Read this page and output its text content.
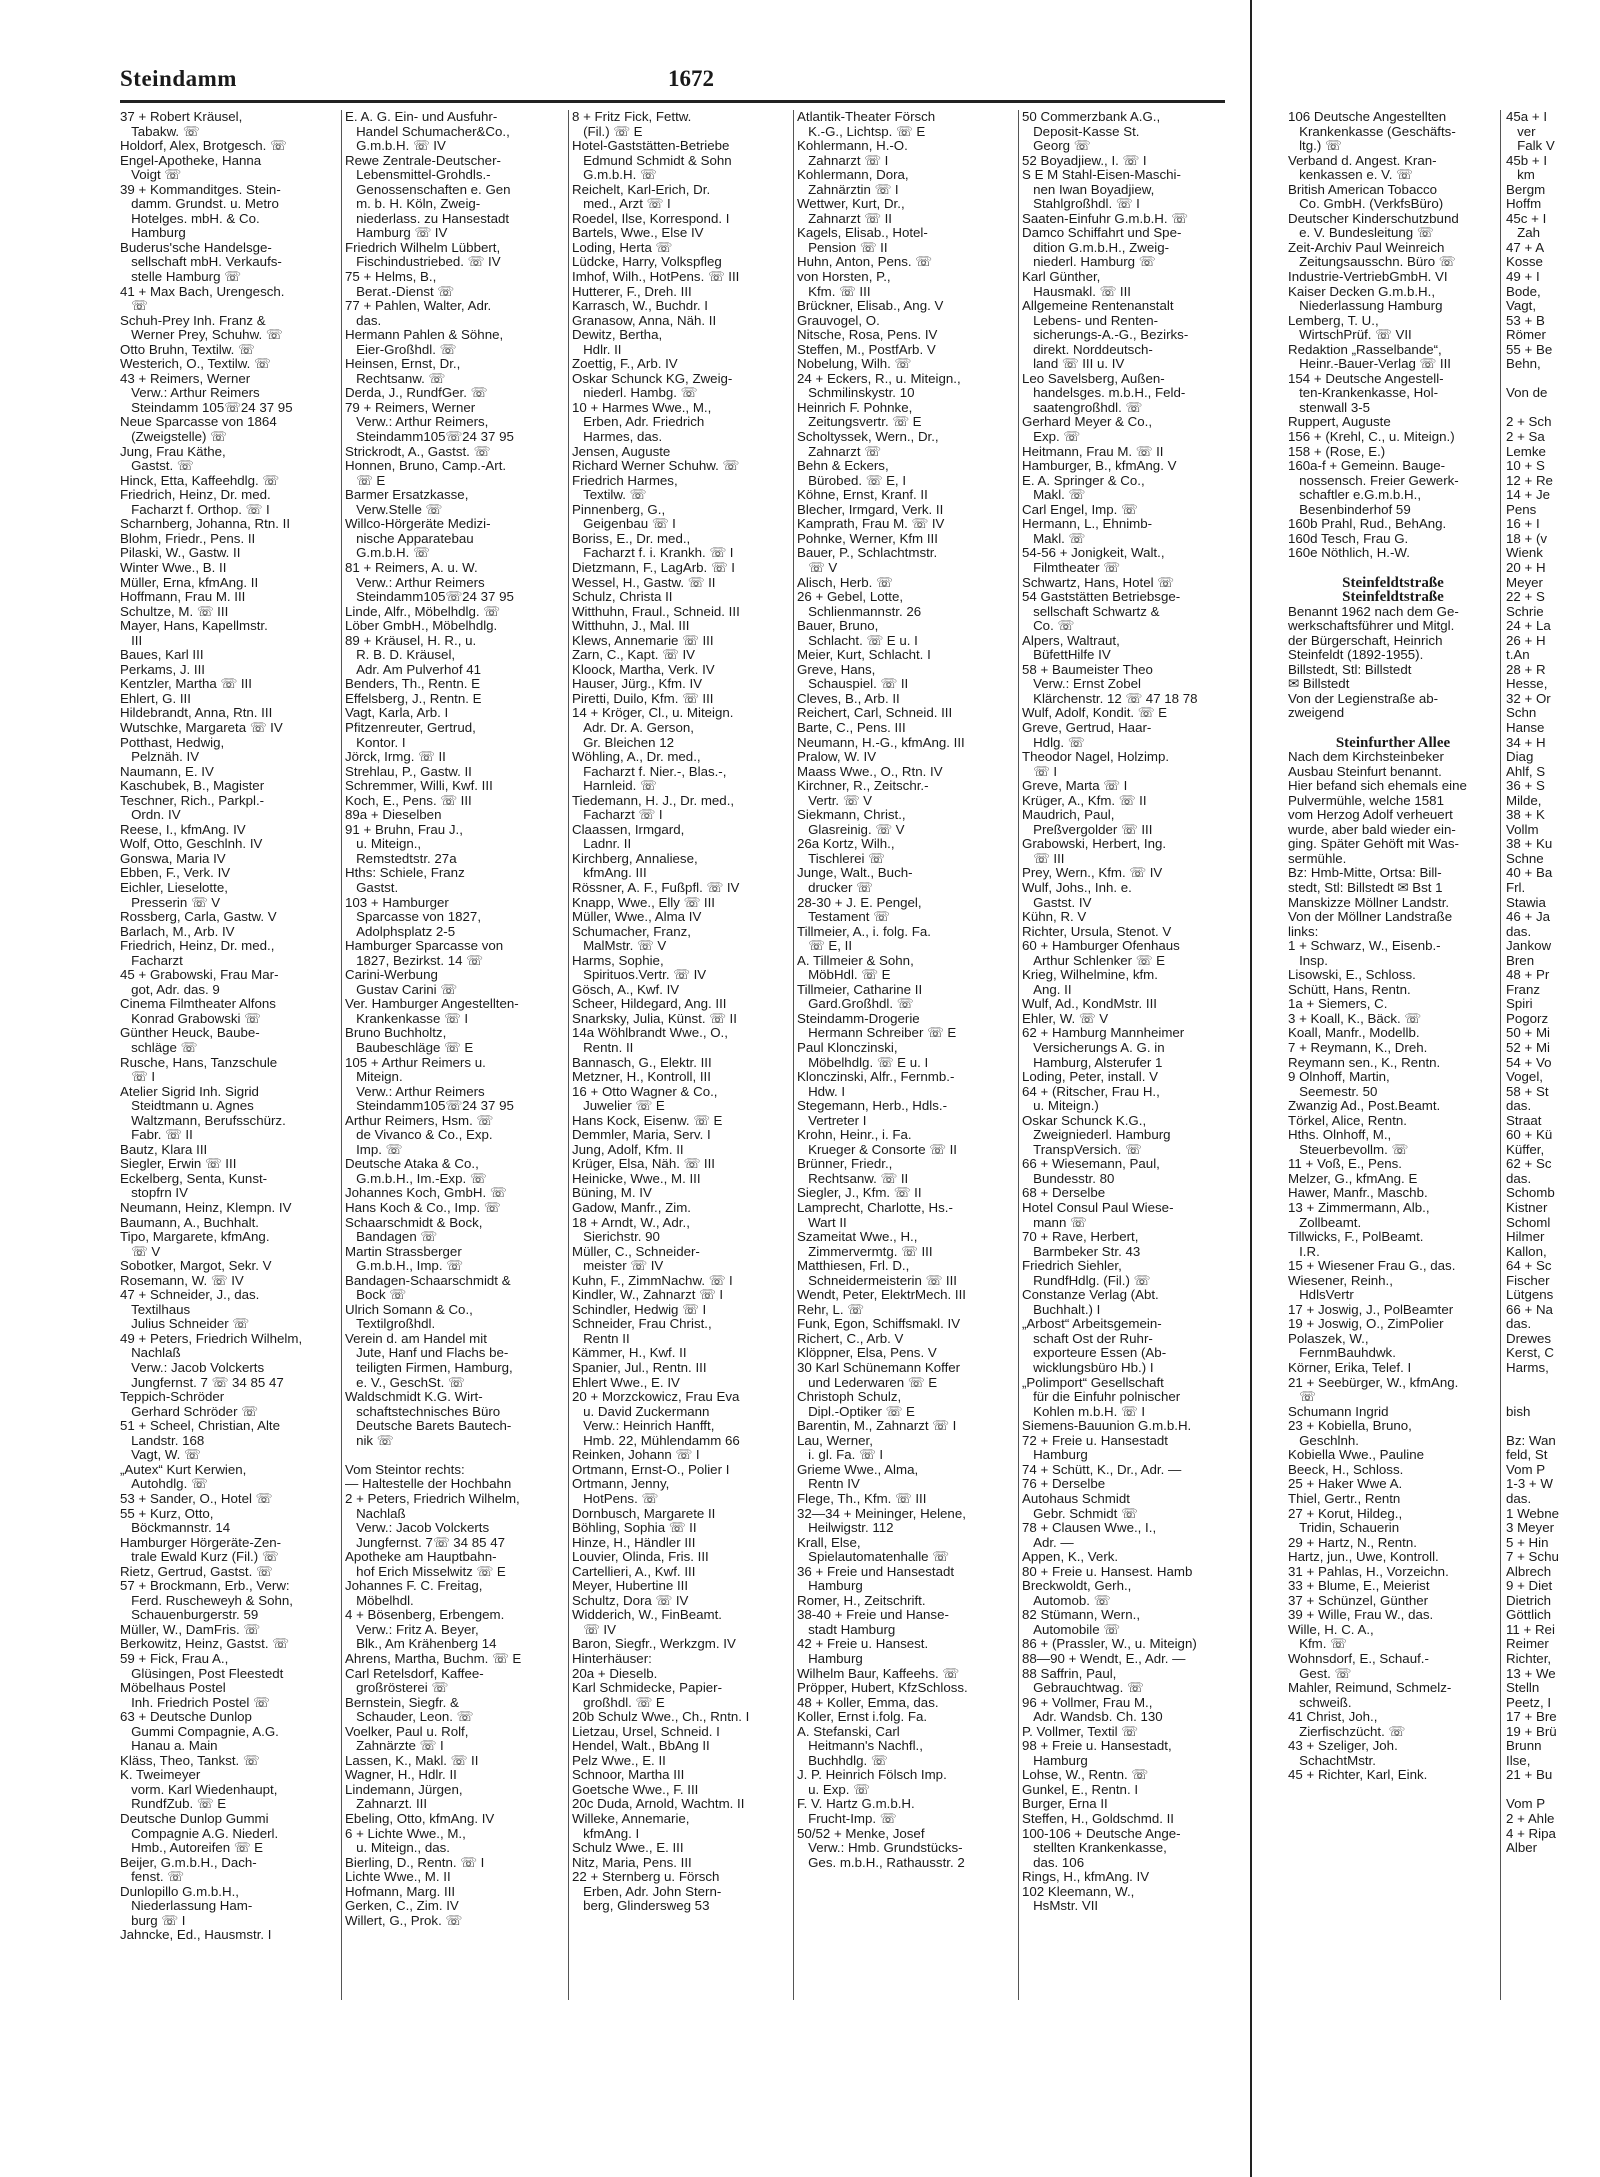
Steindamm	1672
37 + Robert Kräusel,
Tabakw. ☏
Holdorf, Alex, Brotgesch. ☏
Engel-Apotheke, Hanna
Voigt ☏
39 + Kommanditges. Stein-
damm. Grundst. u. Metro
Hotelges. mbH. & Co.
Hamburg
Buderus'sche Handelsge-
sellschaft mbH. Verkaufs-
stelle Hamburg ☏
41 + Max Bach, Urengesch.
☏
Schuh-Prey Inh. Franz &
Werner Prey, Schuhw. ☏
Otto Bruhn, Textilw. ☏
Westerich, O., Textilw. ☏
43 + Reimers, Werner
Verw.: Arthur Reimers
Steindamm 105☏24 37 95
Neue Sparcasse von 1864
(Zweigstelle) ☏
Jung, Frau Käthe,
Gastst. ☏
Hinck, Etta, Kaffeehdlg. ☏
Friedrich, Heinz, Dr. med.
Facharzt f. Orthop. ☏ I
Scharnberg, Johanna, Rtn. II
Blohm, Friedr., Pens. II
Pilaski, W., Gastw. II
Winter Wwe., B. II
Müller, Erna, kfmAng. II
Hoffmann, Frau M. III
Schultze, M. ☏ III
Mayer, Hans, Kapellmstr.
III
Baues, Karl III
Perkams, J. III
Kentzler, Martha ☏ III
Ehlert, G. III
Hildebrandt, Anna, Rtn. III
Wutschke, Margareta ☏ IV
Potthast, Hedwig,
Pelznäh. IV
Naumann, E. IV
Kaschubek, B., Magister
Teschner, Rich., Parkpl.-
Ordn. IV
Reese, I., kfmAng. IV
Wolf, Otto, Geschlnh. IV
Gonswa, Maria IV
Ebben, F., Verk. IV
Eichler, Lieselotte,
Presserin ☏ V
Rossberg, Carla, Gastw. V
Barlach, M., Arb. IV
Friedrich, Heinz, Dr. med.,
Facharzt
45 + Grabowski, Frau Mar-
got, Adr. das. 9
Cinema Filmtheater Alfons
Konrad Grabowski ☏
Günther Heuck, Baube-
schläge ☏
Rusche, Hans, Tanzschule
☏ I
Atelier Sigrid Inh. Sigrid
Steidtmann u. Agnes
Waltzmann, Berufsschürz.
Fabr. ☏ II
Bautz, Klara III
Siegler, Erwin ☏ III
Eckelberg, Senta, Kunst-
stopfrn IV
Neumann, Heinz, Klempn. IV
Baumann, A., Buchhalt.
Tipo, Margarete, kfmAng.
☏ V
Sobotker, Margot, Sekr. V
Rosemann, W. ☏ IV
47 + Schneider, J., das.
Textilhaus
Julius Schneider ☏
49 + Peters, Friedrich Wilhelm,
Nachlaß
Verw.: Jacob Volckerts
Jungfernst. 7 ☏ 34 85 47
Teppich-Schröder
Gerhard Schröder ☏
51 + Scheel, Christian, Alte
Landstr. 168
Vagt, W. ☏
„Autex“ Kurt Kerwien,
Autohdlg. ☏
53 + Sander, O., Hotel ☏
55 + Kurz, Otto,
Böckmannstr. 14
Hamburger Hörgeräte-Zen-
trale Ewald Kurz (Fil.) ☏
Rietz, Gertrud, Gastst. ☏
57 + Brockmann, Erb., Verw:
Ferd. Ruscheweyh & Sohn,
Schauenburgerstr. 59
Müller, W., DamFris. ☏
Berkowitz, Heinz, Gastst. ☏
59 + Fick, Frau A.,
Glüsingen, Post Fleestedt
Möbelhaus Postel
Inh. Friedrich Postel ☏
63 + Deutsche Dunlop
Gummi Compagnie, A.G.
Hanau a. Main
Kläss, Theo, Tankst. ☏
K. Tweimeyer
vorm. Karl Wiedenhaupt,
RundfZub. ☏ E
Deutsche Dunlop Gummi
Compagnie A.G. Niederl.
Hmb., Autoreifen ☏ E
Beijer, G.m.b.H., Dach-
fenst. ☏
Dunlopillo G.m.b.H.,
Niederlassung Ham-
burg ☏ I
Jahncke, Ed., Hausmstr. I
E. A. G. Ein- und Ausfuhr-
Handel Schumacher&Co.,
G.m.b.H. ☏ IV
Rewe Zentrale-Deutscher-
Lebensmittel-Grohdls.-
Genossenschaften e. Gen
m. b. H. Köln, Zweig-
niederlass. zu Hansestadt
Hamburg ☏ IV
Friedrich Wilhelm Lübbert,
Fischindustriebed. ☏ IV
75 + Helms, B.,
Berat.-Dienst ☏
77 + Pahlen, Walter, Adr.
das.
Hermann Pahlen & Söhne,
Eier-Großhdl. ☏
Heinsen, Ernst, Dr.,
Rechtsanw. ☏
Derda, J., RundfGer. ☏
79 + Reimers, Werner
Verw.: Arthur Reimers,
Steindamm105☏24 37 95
Strickrodt, A., Gastst. ☏
Honnen, Bruno, Camp.-Art.
☏ E
Barmer Ersatzkasse,
Verw.Stelle ☏
Willco-Hörgeräte Medizi-
nische Apparatebau
G.m.b.H. ☏
81 + Reimers, A. u. W.
Verw.: Arthur Reimers
Steindamm105☏24 37 95
Linde, Alfr., Möbelhdlg. ☏
Löber GmbH., Möbelhdlg.
89 + Kräusel, H. R., u.
R. B. D. Kräusel,
Adr. Am Pulverhof 41
Benders, Th., Rentn. E
Effelsberg, J., Rentn. E
Vagt, Karla, Arb. I
Pfitzenreuter, Gertrud,
Kontor. I
Jörck, Irmg. ☏ II
Strehlau, P., Gastw. II
Schremmer, Willi, Kwf. III
Koch, E., Pens. ☏ III
89a + Dieselben
91 + Bruhn, Frau J.,
u. Miteign.,
Remstedtstr. 27a
Hths: Schiele, Franz
Gastst.
103 + Hamburger
Sparcasse von 1827,
Adolphsplatz 2-5
Hamburger Sparcasse von
1827, Bezirkst. 14 ☏
Carini-Werbung
Gustav Carini ☏
Ver. Hamburger Angestellten-
Krankenkasse ☏ I
Bruno Buchholtz,
Baubeschläge ☏ E
105 + Arthur Reimers u.
Miteign.
Verw.: Arthur Reimers
Steindamm105☏24 37 95
Arthur Reimers, Hsm. ☏
de Vivanco & Co., Exp.
Imp. ☏
Deutsche Ataka & Co.,
G.m.b.H., Im.-Exp. ☏
Johannes Koch, GmbH. ☏
Hans Koch & Co., Imp. ☏
Schaarschmidt & Bock,
Bandagen ☏
Martin Strassberger
G.m.b.H., Imp. ☏
Bandagen-Schaarschmidt &
Bock ☏
Ulrich Somann & Co.,
Textilgroßhdl.
Verein d. am Handel mit
Jute, Hanf und Flachs be-
teiligten Firmen, Hamburg,
e. V., GeschSt. ☏
Waldschmidt K.G. Wirt-
schaftstechnisches Büro
Deutsche Barets Bautech-
nik ☏
Vom Steintor rechts:
— Haltestelle der Hochbahn
2 + Peters, Friedrich Wilhelm,
Nachlaß
Verw.: Jacob Volckerts
Jungfernst. 7☏ 34 85 47
Apotheke am Hauptbahn-
hof Erich Misselwitz ☏ E
Johannes F. C. Freitag,
Möbelhdl.
4 + Bösenberg, Erbengem.
Verw.: Fritz A. Beyer,
Blk., Am Krähenberg 14
Ahrens, Martha, Buchm. ☏ E
Carl Retelsdorf, Kaffee-
großrösterei ☏
Bernstein, Siegfr. &
Schauder, Leon. ☏
Voelker, Paul u. Rolf,
Zahnärzte ☏ I
Lassen, K., Makl. ☏ II
Wagner, H., Hdlr. II
Lindemann, Jürgen,
Zahnarzt. III
Ebeling, Otto, kfmAng. IV
6 + Lichte Wwe., M.,
u. Miteign., das.
Bierling, D., Rentn. ☏ I
Lichte Wwe., M. II
Hofmann, Marg. III
Gerken, C., Zim. IV
Willert, G., Prok. ☏
8 + Fritz Fick, Fettw.
(Fil.) ☏ E
Hotel-Gaststätten-Betriebe
Edmund Schmidt & Sohn
G.m.b.H. ☏
Reichelt, Karl-Erich, Dr.
med., Arzt ☏ I
Roedel, Ilse, Korrespond. I
Bartels, Wwe., Else IV
Loding, Herta ☏
Lüdcke, Harry, Volkspfleg
Imhof, Wilh., HotPens. ☏ III
Hutterer, F., Dreh. III
Karrasch, W., Buchdr. I
Granasow, Anna, Näh. II
Dewitz, Bertha,
Hdlr. II
Zoettig, F., Arb. IV
Oskar Schunck KG, Zweig-
niederl. Hambg. ☏
10 + Harmes Wwe., M.,
Erben, Adr. Friedrich
Harmes, das.
Jensen, Auguste
Richard Werner Schuhw. ☏
Friedrich Harmes,
Textilw. ☏
Pinnenberg, G.,
Geigenbau ☏ I
Boriss, E., Dr. med.,
Facharzt f. i. Krankh. ☏ I
Dietzmann, F., LagArb. ☏ I
Wessel, H., Gastw. ☏ II
Schulz, Christa II
Witthuhn, Fraul., Schneid. III
Witthuhn, J., Mal. III
Klews, Annemarie ☏ III
Zarn, C., Kapt. ☏ IV
Kloock, Martha, Verk. IV
Hauser, Jürg., Kfm. IV
Piretti, Duilo, Kfm. ☏ III
14 + Kröger, Cl., u. Miteign.
Adr. Dr. A. Gerson,
Gr. Bleichen 12
Wöhling, A., Dr. med.,
Facharzt f. Nier.-, Blas.-,
Harnleid. ☏
Tiedemann, H. J., Dr. med.,
Facharzt ☏ I
Claassen, Irmgard,
Ladnr. II
Kirchberg, Annaliese,
kfmAng. III
Rössner, A. F., Fußpfl. ☏ IV
Knapp, Wwe., Elly ☏ III
Müller, Wwe., Alma IV
Schumacher, Franz,
MalMstr. ☏ V
Harms, Sophie,
Spirituos.Vertr. ☏ IV
Gösch, A., Kwf. IV
Scheer, Hildegard, Ang. III
Snarksky, Julia, Künst. ☏ II
14a Wöhlbrandt Wwe., O.,
Rentn. II
Bannasch, G., Elektr. III
Metzner, H., Kontroll, III
16 + Otto Wagner & Co.,
Juwelier ☏ E
Hans Kock, Eisenw. ☏ E
Demmler, Maria, Serv. I
Jung, Adolf, Kfm. II
Krüger, Elsa, Näh. ☏ III
Heinicke, Wwe., M. III
Büning, M. IV
Gadow, Manfr., Zim.
18 + Arndt, W., Adr.,
Sierichstr. 90
Müller, C., Schneider-
meister ☏ IV
Kuhn, F., ZimmNachw. ☏ I
Kindler, W., Zahnarzt ☏ I
Schindler, Hedwig ☏ I
Schneider, Frau Christ.,
Rentn II
Kämmer, H., Kwf. II
Spanier, Jul., Rentn. III
Ehlert Wwe., E. IV
20 + Morzckowicz, Frau Eva
u. David Zuckermann
Verw.: Heinrich Hanfft,
Hmb. 22, Mühlendamm 66
Reinken, Johann ☏ I
Ortmann, Ernst-O., Polier I
Ortmann, Jenny,
HotPens. ☏
Dornbusch, Margarete II
Böhling, Sophia ☏ II
Hinze, H., Händler III
Louvier, Olinda, Fris. III
Cartellieri, A., Kwf. III
Meyer, Hubertine III
Schultz, Dora ☏ IV
Widderich, W., FinBeamt.
☏ IV
Baron, Siegfr., Werkzgm. IV
Hinterhäuser:
20a + Dieselb.
Karl Schmidecke, Papier-
großhdl. ☏ E
20b Schulz Wwe., Ch., Rntn. I
Lietzau, Ursel, Schneid. I
Hendel, Walt., BbAng II
Pelz Wwe., E. II
Schnoor, Martha III
Goetsche Wwe., F. III
20c Duda, Arnold, Wachtm. II
Willeke, Annemarie,
kfmAng. I
Schulz Wwe., E. III
Nitz, Maria, Pens. III
22 + Sternberg u. Försch
Erben, Adr. John Stern-
berg, Glindersweg 53
Atlantik-Theater Försch
K.-G., Lichtsp. ☏ E
Kohlermann, H.-O.
Zahnarzt ☏ I
Kohlermann, Dora,
Zahnärztin ☏ I
Wettwer, Kurt, Dr.,
Zahnarzt ☏ II
Kagels, Elisab., Hotel-
Pension ☏ II
Huhn, Anton, Pens. ☏
von Horsten, P.,
Kfm. ☏ III
Brückner, Elisab., Ang. V
Grauvogel, O.
Nitsche, Rosa, Pens. IV
Steffen, M., PostfArb. V
Nobelung, Wilh. ☏
24 + Eckers, R., u. Miteign.,
Schmilinskystr. 10
Heinrich F. Pohnke,
Zeitungsvertr. ☏ E
Scholtyssek, Wern., Dr.,
Zahnarzt ☏
Behn & Eckers,
Bürobed. ☏ E, I
Köhne, Ernst, Kranf. II
Blecher, Irmgard, Verk. II
Kamprath, Frau M. ☏ IV
Pohnke, Werner, Kfm III
Bauer, P., Schlachtmstr.
☏ V
Alisch, Herb. ☏
26 + Gebel, Lotte,
Schlienmannstr. 26
Bauer, Bruno,
Schlacht. ☏ E u. I
Meier, Kurt, Schlacht. I
Greve, Hans,
Schauspiel. ☏ II
Cleves, B., Arb. II
Reichert, Carl, Schneid. III
Barte, C., Pens. III
Neumann, H.-G., kfmAng. III
Pralow, W. IV
Maass Wwe., O., Rtn. IV
Kirchner, R., Zeitschr.-
Vertr. ☏ V
Siekmann, Christ.,
Glasreinig. ☏ V
26a Kortz, Wilh.,
Tischlerei ☏
Junge, Walt., Buch-
drucker ☏
28-30 + J. E. Pengel,
Testament ☏
Tillmeier, A., i. folg. Fa.
☏ E, II
A. Tillmeier & Sohn,
MöbHdl. ☏ E
Tillmeier, Catharine II
Gard.Großhdl. ☏
Steindamm-Drogerie
Hermann Schreiber ☏ E
Paul Klonczinski,
Möbelhdlg. ☏ E u. I
Klonczinski, Alfr., Fernmb.-
Hdw. I
Stegemann, Herb., Hdls.-
Vertreter I
Krohn, Heinr., i. Fa.
Krueger & Consorte ☏ II
Brünner, Friedr.,
Rechtsanw. ☏ II
Siegler, J., Kfm. ☏ II
Lamprecht, Charlotte, Hs.-
Wart II
Szameitat Wwe., H.,
Zimmervermtg. ☏ III
Matthiesen, Frl. D.,
Schneidermeisterin ☏ III
Wendt, Peter, ElektrMech. III
Rehr, L. ☏
Funk, Egon, Schiffsmakl. IV
Richert, C., Arb. V
Klöppner, Elsa, Pens. V
30 Karl Schünemann Koffer
und Lederwaren ☏ E
Christoph Schulz,
Dipl.-Optiker ☏ E
Barentin, M., Zahnarzt ☏ I
Lau, Werner,
i. gl. Fa. ☏ I
Grieme Wwe., Alma,
Rentn IV
Flege, Th., Kfm. ☏ III
32—34 + Meininger, Helene,
Heilwigstr. 112
Krall, Else,
Spielautomatenhalle ☏
36 + Freie und Hansestadt
Hamburg
Romer, H., Zeitschrift.
38-40 + Freie und Hanse-
stadt Hamburg
42 + Freie u. Hansest.
Hamburg
Wilhelm Baur, Kaffeehs. ☏
Pröpper, Hubert, KfzSchloss.
48 + Koller, Emma, das.
Koller, Ernst i.folg. Fa.
A. Stefanski, Carl
Heitmann's Nachfl.,
Buchhdlg. ☏
J. P. Heinrich Fölsch Imp.
u. Exp. ☏
F. V. Hartz G.m.b.H.
Frucht-Imp. ☏
50/52 + Menke, Josef
Verw.: Hmb. Grundstücks-
Ges. m.b.H., Rathausstr. 2
50 Commerzbank A.G.,
Deposit-Kasse St.
Georg ☏
52 Boyadjiew., I. ☏ I
S E M Stahl-Eisen-Maschi-
nen Iwan Boyadjiew,
Stahlgroßhdl. ☏ I
Saaten-Einfuhr G.m.b.H. ☏
Damco Schiffahrt und Spe-
dition G.m.b.H., Zweig-
niederl. Hamburg ☏
Karl Günther,
Hausmakl. ☏ III
Allgemeine Rentenanstalt
Lebens- und Renten-
sicherungs-A.-G., Bezirks-
direkt. Norddeutsch-
land ☏ III u. IV
Leo Savelsberg, Außen-
handelsges. m.b.H., Feld-
saatengroßhdl. ☏
Gerhard Meyer & Co.,
Exp. ☏
Heitmann, Frau M. ☏ II
Hamburger, B., kfmAng. V
E. A. Springer & Co.,
Makl. ☏
Carl Engel, Imp. ☏
Hermann, L., Ehnimb-
Makl. ☏
54-56 + Jonigkeit, Walt.,
Filmtheater ☏
Schwartz, Hans, Hotel ☏
54 Gaststätten Betriebsge-
sellschaft Schwartz &
Co. ☏
Alpers, Waltraut,
BüfettHilfe IV
58 + Baumeister Theo
Verw.: Ernst Zobel
Klärchenstr. 12 ☏ 47 18 78
Wulf, Adolf, Kondit. ☏ E
Greve, Gertrud, Haar-
Hdlg. ☏
Theodor Nagel, Holzimp.
☏ I
Greve, Marta ☏ I
Krüger, A., Kfm. ☏ II
Maudrich, Paul,
Preßvergolder ☏ III
Grabowski, Herbert, Ing.
☏ III
Prey, Wern., Kfm. ☏ IV
Wulf, Johs., Inh. e.
Gastst. IV
Kühn, R. V
Richter, Ursula, Stenot. V
60 + Hamburger Ofenhaus
Arthur Schlenker ☏ E
Krieg, Wilhelmine, kfm.
Ang. II
Wulf, Ad., KondMstr. III
Ehler, W. ☏ V
62 + Hamburg Mannheimer
Versicherungs A. G. in
Hamburg, Alsterufer 1
Loding, Peter, install. V
64 + (Ritscher, Frau H.,
u. Miteign.)
Oskar Schunck K.G.,
Zweigniederl. Hamburg
TranspVersich. ☏
66 + Wiesemann, Paul,
Bundesstr. 80
68 + Derselbe
Hotel Consul Paul Wiese-
mann ☏
70 + Rave, Herbert,
Barmbeker Str. 43
Friedrich Siehler,
RundfHdlg. (Fil.) ☏
Constanze Verlag (Abt.
Buchhalt.) I
„Arbost“ Arbeitsgemein-
schaft Ost der Ruhr-
exporteure Essen (Ab-
wicklungsbüro Hb.) I
„Polimport“ Gesellschaft
für die Einfuhr polnischer
Kohlen m.b.H. ☏ I
Siemens-Bauunion G.m.b.H.
72 + Freie u. Hansestadt
Hamburg
74 + Schütt, K., Dr., Adr. —
76 + Derselbe
Autohaus Schmidt
Gebr. Schmidt ☏
78 + Clausen Wwe., I.,
Adr. —
Appen, K., Verk.
80 + Freie u. Hansest. Hamb
Breckwoldt, Gerh.,
Automob. ☏
82 Stümann, Wern.,
Automobile ☏
86 + (Prassler, W., u. Miteign)
88—90 + Wendt, E., Adr. —
88 Saffrin, Paul,
Gebrauchtwag. ☏
96 + Vollmer, Frau M.,
Adr. Wandsb. Ch. 130
P. Vollmer, Textil ☏
98 + Freie u. Hansestadt,
Hamburg
Lohse, W., Rentn. ☏
Gunkel, E., Rentn. I
Burger, Erna II
Steffen, H., Goldschmd. II
100-106 + Deutsche Ange-
stellten Krankenkasse,
das. 106
Rings, H., kfmAng. IV
102 Kleemann, W.,
HsMstr. VII
106 Deutsche Angestellten
Krankenkasse (Geschäfts-
ltg.) ☏
Verband d. Angest. Kran-
kenkassen e. V. ☏
British American Tobacco
Co. GmbH. (VerkfsBüro)
Deutscher Kinderschutzbund
e. V. Bundesleitung ☏
Zeit-Archiv Paul Weinreich
Zeitungsausschn. Büro ☏
Industrie-VertriebGmbH. VI
Kaiser Decken G.m.b.H.,
Niederlassung Hamburg
Lemberg, T. U.,
WirtschPrüf. ☏ VII
Redaktion „Rasselbande“,
Heinr.-Bauer-Verlag ☏ III
154 + Deutsche Angestell-
ten-Krankenkasse, Hol-
stenwall 3-5
Ruppert, Auguste
156 + (Krehl, C., u. Miteign.)
158 + (Rose, E.)
160a-f + Gemeinn. Bauge-
nossensch. Freier Gewerk-
schaftler e.G.m.b.H.,
Besenbinderhof 59
160b Prahl, Rud., BehAng.
160d Tesch, Frau G.
160e Nöthlich, H.-W.
Steinfeldtstraße
Steinfeldtstraße
Benannt 1962 nach dem Ge-
werkschaftsführer und Mitgl.
der Bürgerschaft, Heinrich
Steinfeldt (1892-1955).
Billstedt, Stl: Billstedt
✉ Billstedt
Von der Legienstraße ab-
zweigend
Steinfurther Allee
Nach dem Kirchsteinbeker
Ausbau Steinfurt benannt.
Hier befand sich ehemals eine
Pulvermühle, welche 1581
vom Herzog Adolf verheuert
wurde, aber bald wieder ein-
ging. Später Gehöft mit Was-
sermühle.
Bz: Hmb-Mitte, Ortsa: Bill-
stedt, Stl: Billstedt ✉ Bst 1
Manskizze Möllner Landstr.
Von der Möllner Landstraße
links:
1 + Schwarz, W., Eisenb.-
Insp.
Lisowski, E., Schloss.
Schütt, Hans, Rentn.
1a + Siemers, C.
3 + Koall, K., Bäck. ☏
Koall, Manfr., Modellb.
7 + Reymann, K., Dreh.
Reymann sen., K., Rentn.
9 Olnhoff, Martin,
Seemestr. 50
Zwanzig Ad., Post.Beamt.
Törkel, Alice, Rentn.
Hths. Olnhoff, M.,
Steuerbevollm. ☏
11 + Voß, E., Pens.
Melzer, G., kfmAng. E
Hawer, Manfr., Maschb.
13 + Zimmermann, Alb.,
Zollbeamt.
Tillwicks, F., PolBeamt.
I.R.
15 + Wiesener Frau G., das.
Wiesener, Reinh.,
HdlsVertr
17 + Joswig, J., PolBeamter
19 + Joswig, O., ZimPolier
Polaszek, W.,
FernmBauhdwk.
Körner, Erika, Telef. I
21 + Seebürger, W., kfmAng.
☏
Schumann Ingrid
23 + Kobiella, Bruno,
Geschlnh.
Kobiella Wwe., Pauline
Beeck, H., Schloss.
25 + Haker Wwe A.
Thiel, Gertr., Rentn
27 + Korut, Hildeg.,
Tridin, Schauerin
29 + Hartz, N., Rentn.
Hartz, jun., Uwe, Kontroll.
31 + Pahlas, H., Vorzeichn.
33 + Blume, E., Meierist
37 + Schünzel, Günther
39 + Wille, Frau W., das.
Wille, H. C. A.,
Kfm. ☏
Wohnsdorf, E., Schauf.-
Gest. ☏
Mahler, Reimund, Schmelz-
schweiß.
41 Christ, Joh.,
Zierfischzücht. ☏
43 + Szeliger, Joh.
SchachtMstr.
45 + Richter, Karl, Eink.
45a + I
ver
Falk V
45b + I
km
Bergm
Hoffm
45c + I
Zah
47 + A
Kosse
49 + I
Bode,
Vagt,
53 + B
Römer
55 + Be
Behn,
Von de
2 + Sch
2 + Sa
Lemke
10 + S
12 + Re
14 + Je
Pens
16 + I
18 + (v
Wienk
20 + H
Meyer
22 + S
Schrie
24 + La
26 + H
t.An
28 + R
Hesse,
32 + Or
Schn
Hanse
34 + H
Diag
Ahlf, S
36 + S
Milde,
38 + K
Vollm
38 + Ku
Schne
40 + Ba
Frl.
Stawia
46 + Ja
das.
Jankow
Bren
48 + Pr
Franz
Spiri
Pogorz
50 + Mi
52 + Mi
54 + Vo
Vogel,
58 + St
das.
Straat
60 + Kü
Küffer,
62 + Sc
das.
Schomb
Kistner
Schoml
Hilmer
Kallon,
64 + Sc
Fischer
Lütgens
66 + Na
das.
Drewes
Kerst, C
Harms,
bish
Bz: Wan
feld, St
Vom P
1-3 + W
das.
1 Webne
3 Meyer
5 + Hin
7 + Schu
Albrech
9 + Diet
Dietrich
Göttlich
11 + Rei
Reimer
Richter,
13 + We
Stelln
Peetz, I
17 + Bre
19 + Brü
Brunn
Ilse,
21 + Bu
Vom P
2 + Ahle
4 + Ripa
Alber
